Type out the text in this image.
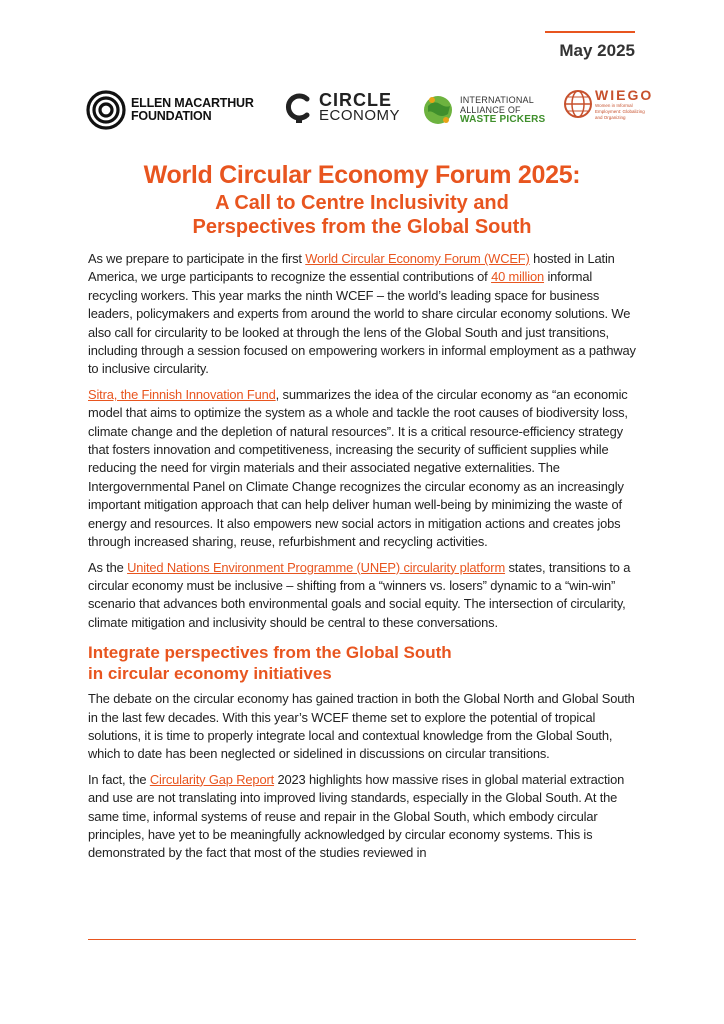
May 2025
ELLEN MACARTHUR
FOUNDATION
CIRCLE
ECONOMY
INTERNATIONAL
ALLIANCE OF
WASTE PICKERS
WIEGO
Women in Informal Employment: Globalizing and Organizing
World Circular Economy Forum 2025:
A Call to Centre Inclusivity and
Perspectives from the Global South

As we prepare to participate in the first World Circular Economy Forum (WCEF) hosted in Latin America, we urge participants to recognize the essential contributions of 40 million informal recycling workers. This year marks the ninth WCEF – the world’s leading space for business leaders, policymakers and experts from around the world to share circular economy solutions. We also call for circularity to be looked at through the lens of the Global South and just transitions, including through a session focused on empowering workers in informal employment as a pathway to inclusive circularity.

Sitra, the Finnish Innovation Fund, summarizes the idea of the circular economy as “an economic model that aims to optimize the system as a whole and tackle the root causes of biodiversity loss, climate change and the depletion of natural resources”. It is a critical resource-efficiency strategy that fosters innovation and competitiveness, increasing the security of sufficient supplies while reducing the need for virgin materials and their associated negative externalities. The Intergovernmental Panel on Climate Change recognizes the circular economy as an increasingly important mitigation approach that can help deliver human well-being by minimizing the waste of energy and resources. It also empowers new social actors in mitigation actions and creates jobs through increased sharing, reuse, refurbishment and recycling activities.

As the United Nations Environment Programme (UNEP) circularity platform states, transitions to a circular economy must be inclusive – shifting from a “winners vs. losers” dynamic to a “win-win” scenario that advances both environmental goals and social equity. The intersection of circularity, climate mitigation and inclusivity should be central to these conversations.

Integrate perspectives from the Global South
in circular economy initiatives

The debate on the circular economy has gained traction in both the Global North and Global South in the last few decades. With this year’s WCEF theme set to explore the potential of tropical solutions, it is time to properly integrate local and contextual knowledge from the Global South, which to date has been neglected or sidelined in discussions on circular transitions.

In fact, the Circularity Gap Report 2023 highlights how massive rises in global material extraction and use are not translating into improved living standards, especially in the Global South. At the same time, informal systems of reuse and repair in the Global South, which embody circular principles, have yet to be meaningfully acknowledged by circular economy systems. This is demonstrated by the fact that most of the studies reviewed in
